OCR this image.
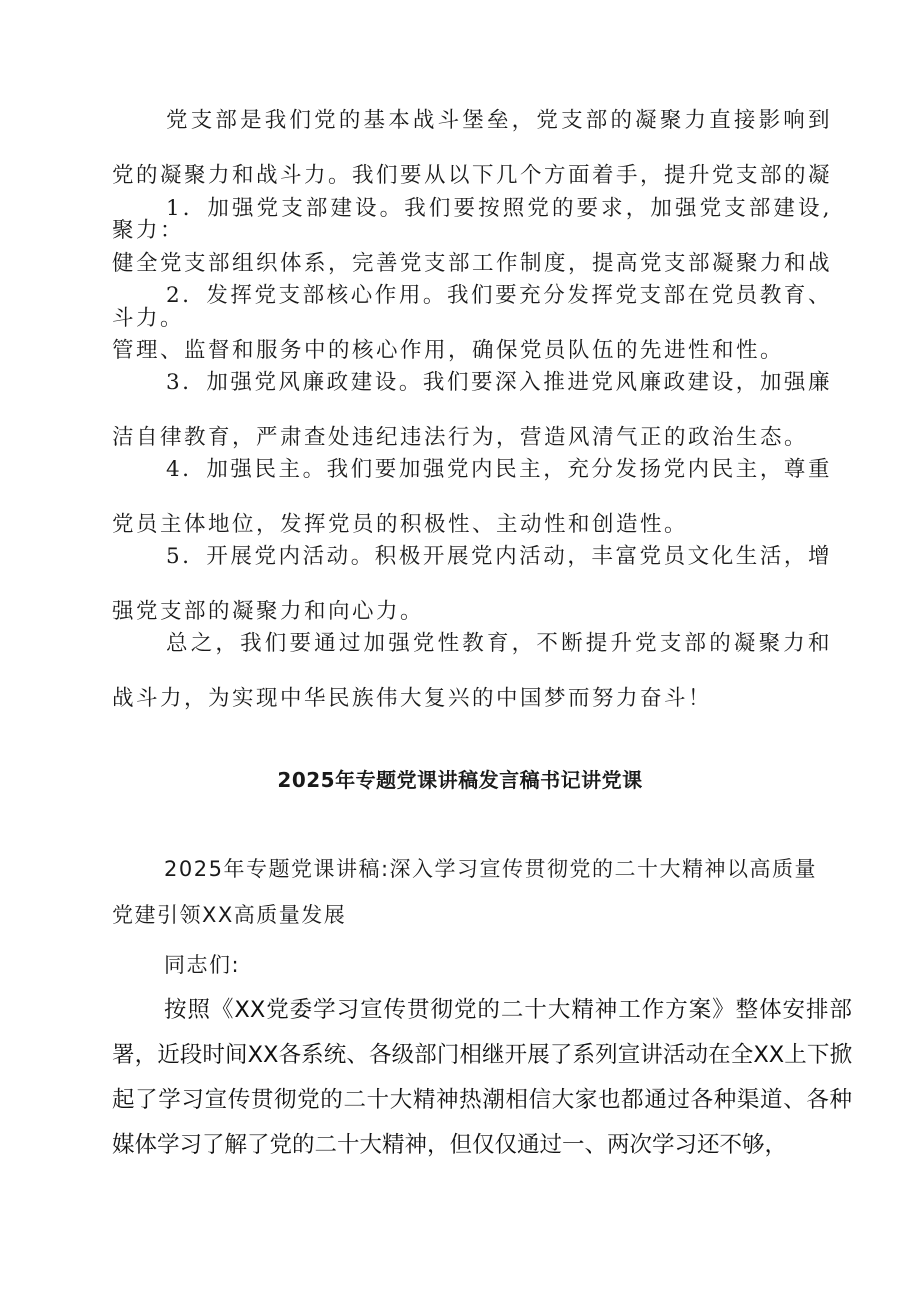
党支部是我们党的基本战斗堡垒，党支部的凝聚力直接影响到党的凝聚力和战斗力。我们要从以下几个方面着手，提升党支部的凝聚力：

1．加强党支部建设。我们要按照党的要求，加强党支部建设,健全党支部组织体系，完善党支部工作制度，提高党支部凝聚力和战斗力。

2．发挥党支部核心作用。我们要充分发挥党支部在党员教育、管理、监督和服务中的核心作用，确保党员队伍的先进性和性。

3．加强党风廉政建设。我们要深入推进党风廉政建设，加强廉洁自律教育，严肃查处违纪违法行为，营造风清气正的政治生态。

4．加强民主。我们要加强党内民主，充分发扬党内民主，尊重党员主体地位，发挥党员的积极性、主动性和创造性。

5．开展党内活动。积极开展党内活动，丰富党员文化生活，增强党支部的凝聚力和向心力。

总之，我们要通过加强党性教育，不断提升党支部的凝聚力和战斗力，为实现中华民族伟大复兴的中国梦而努力奋斗！

2025年专题党课讲稿发言稿书记讲党课

2025年专题党课讲稿:深入学习宣传贯彻党的二十大精神以高质量党建引领XX高质量发展

同志们:

按照《XX党委学习宣传贯彻党的二十大精神工作方案》整体安排部署，近段时间XX各系统、各级部门相继开展了系列宣讲活动在全XX上下掀起了学习宣传贯彻党的二十大精神热潮相信大家也都通过各种渠道、各种媒体学习了解了党的二十大精神，但仅仅通过一、两次学习还不够，
